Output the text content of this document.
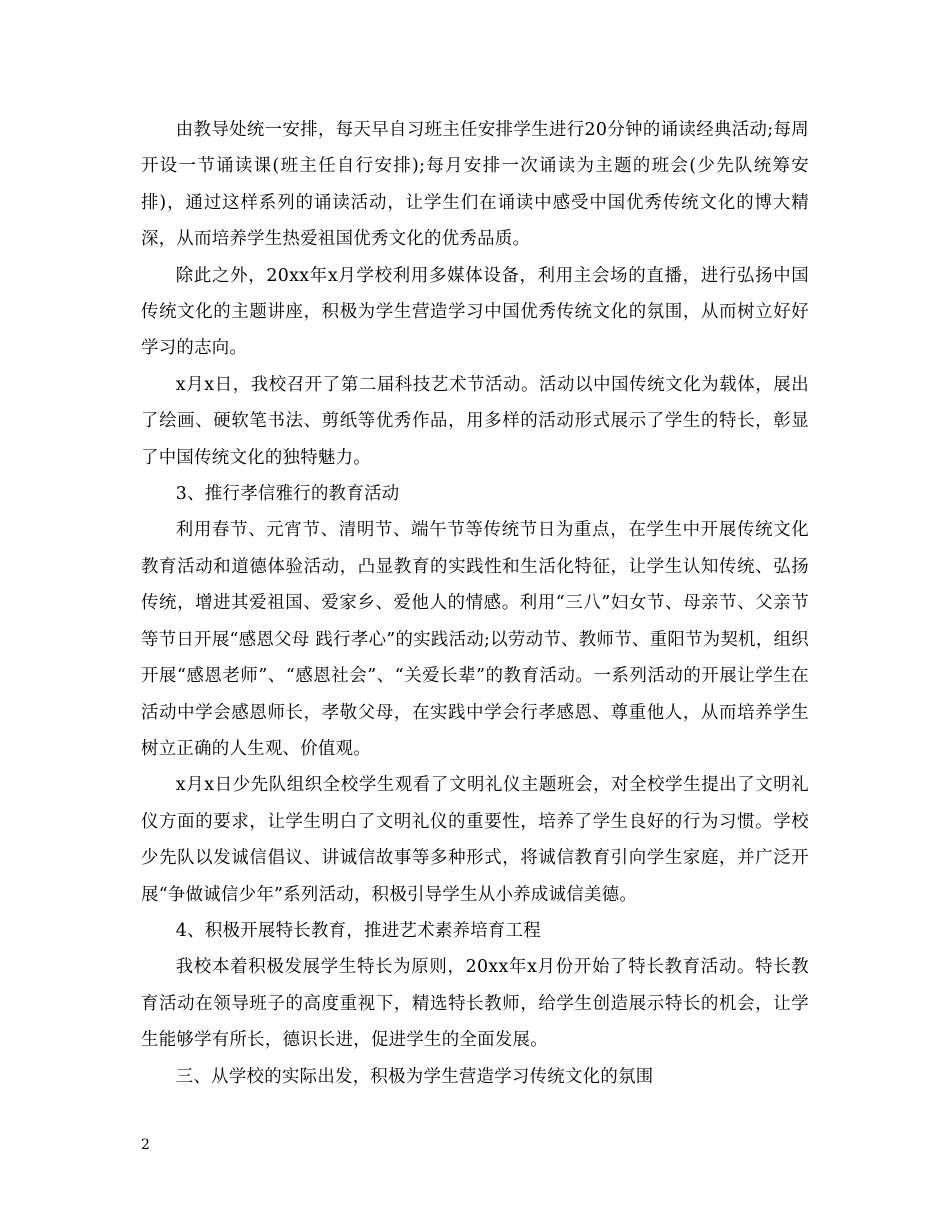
由教导处统一安排，每天早自习班主任安排学生进行20分钟的诵读经典活动;每周开设一节诵读课(班主任自行安排);每月安排一次诵读为主题的班会(少先队统筹安排)，通过这样系列的诵读活动，让学生们在诵读中感受中国优秀传统文化的博大精深，从而培养学生热爱祖国优秀文化的优秀品质。

除此之外，20xx年x月学校利用多媒体设备，利用主会场的直播，进行弘扬中国传统文化的主题讲座，积极为学生营造学习中国优秀传统文化的氛围，从而树立好好学习的志向。

x月x日，我校召开了第二届科技艺术节活动。活动以中国传统文化为载体，展出了绘画、硬软笔书法、剪纸等优秀作品，用多样的活动形式展示了学生的特长，彰显了中国传统文化的独特魅力。

3、推行孝信雅行的教育活动

利用春节、元宵节、清明节、端午节等传统节日为重点，在学生中开展传统文化教育活动和道德体验活动，凸显教育的实践性和生活化特征，让学生认知传统、弘扬传统，增进其爱祖国、爱家乡、爱他人的情感。利用“三八”妇女节、母亲节、父亲节等节日开展“感恩父母 践行孝心”的实践活动;以劳动节、教师节、重阳节为契机，组织开展“感恩老师”、“感恩社会”、“关爱长辈”的教育活动。一系列活动的开展让学生在活动中学会感恩师长，孝敬父母，在实践中学会行孝感恩、尊重他人，从而培养学生树立正确的人生观、价值观。

x月x日少先队组织全校学生观看了文明礼仪主题班会，对全校学生提出了文明礼仪方面的要求，让学生明白了文明礼仪的重要性，培养了学生良好的行为习惯。学校少先队以发诚信倡议、讲诚信故事等多种形式，将诚信教育引向学生家庭，并广泛开展“争做诚信少年”系列活动，积极引导学生从小养成诚信美德。

4、积极开展特长教育，推进艺术素养培育工程

我校本着积极发展学生特长为原则，20xx年x月份开始了特长教育活动。特长教育活动在领导班子的高度重视下，精选特长教师，给学生创造展示特长的机会，让学生能够学有所长，德识长进，促进学生的全面发展。

三、从学校的实际出发，积极为学生营造学习传统文化的氛围

2
